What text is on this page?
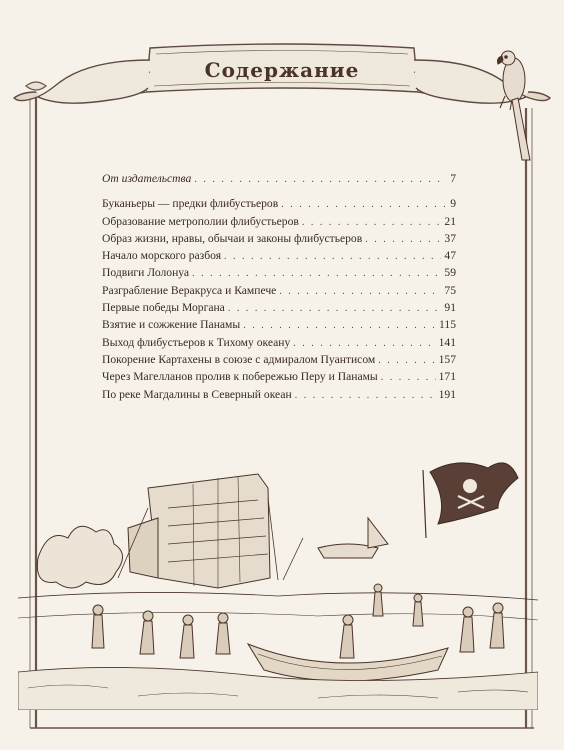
Содержание
От издательства . . .	7
Буканьеры — предки флибустьеров . . .	9
Образование метрополии флибустьеров . . .	21
Образ жизни, нравы, обычаи и законы флибустьеров . . .	37
Начало морского разбоя . . .	47
Подвиги Лолонуа . . .	59
Разграбление Веракруса и Кампече . . .	75
Первые победы Моргана . . .	91
Взятие и сожжение Панамы . . .	115
Выход флибустьеров к Тихому океану . . .	141
Покорение Картахены в союзе с адмиралом Пуантисом . . .	157
Через Магелланов пролив к побережью Перу и Панамы . . .	171
По реке Магдалины в Северный океан . . .	191
